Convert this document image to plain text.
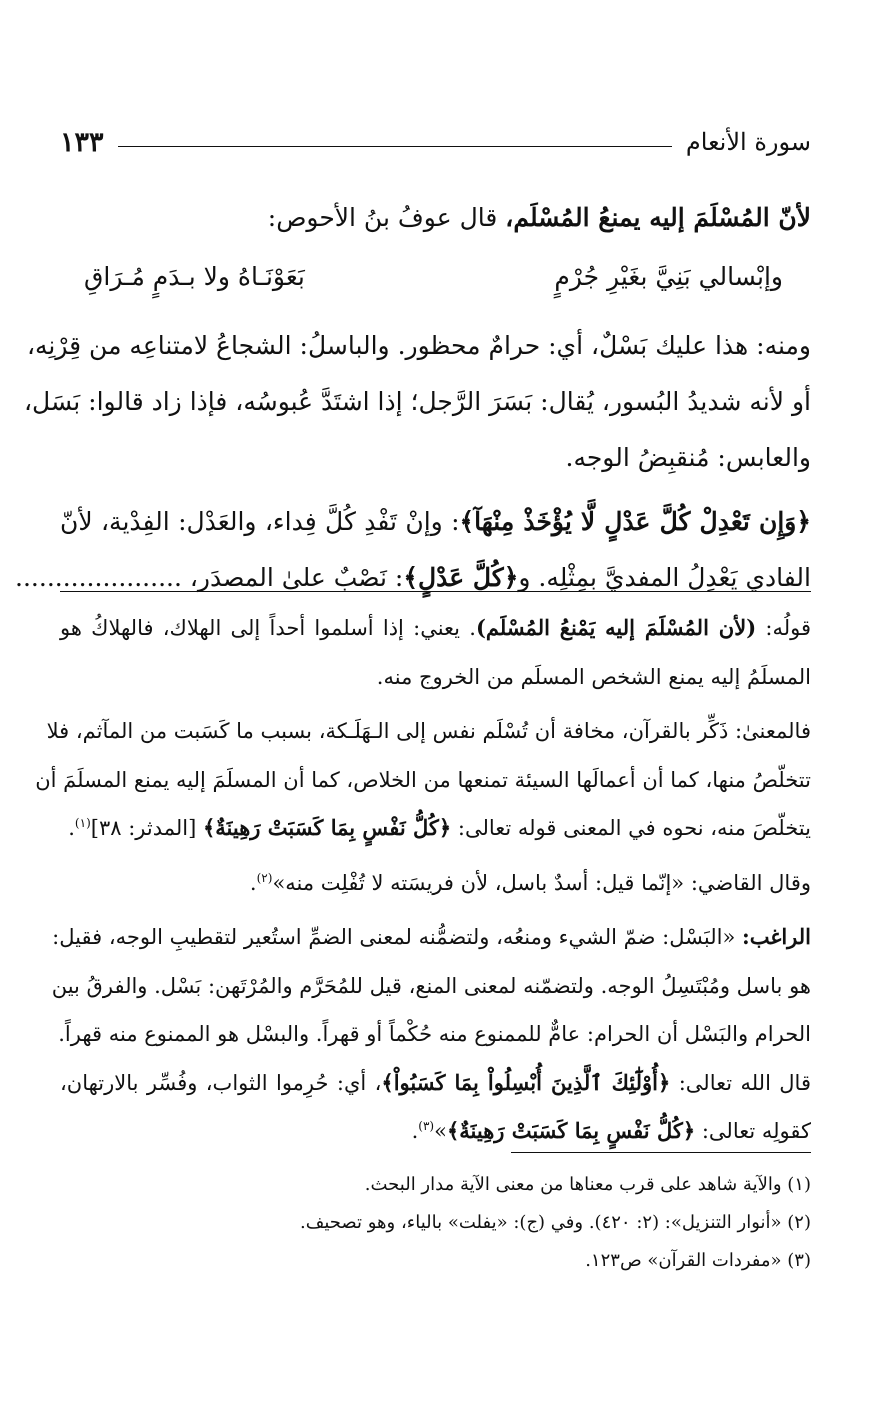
سورة الأنعام
١٣٣
لأنّ المُسْلَمَ إليه يمنعُ المُسْلَم، قال عوفُ بنُ الأحوص:
وإبْسالي بَنِيَّ بغَيْرِ جُرْمٍ
بَعَوْنَـاهُ ولا بـدَمٍ مُـرَاقِ
ومنه: هذا عليك بَسْلٌ، أي: حرامٌ محظور. والباسلُ: الشجاعُ لامتناعِه من قِرْنِه،
أو لأنه شديدُ البُسور، يُقال: بَسَرَ الرَّجل؛ إذا اشتَدَّ عُبوسُه، فإذا زاد قالوا: بَسَل،
والعابس: مُنقبِضُ الوجه.
﴿وَإِن تَعْدِلْ كُلَّ عَدْلٍ لَّا يُؤْخَذْ مِنْهَآ﴾: وإنْ تَفْدِ كُلَّ فِداء، والعَدْل: الفِدْية، لأنّ
الفادي يَعْدِلُ المفديَّ بمِثْلِه. و﴿كُلَّ عَدْلٍ﴾: نَصْبٌ علىٰ المصدَر، .....................
قولُه: (لأن المُسْلَمَ إليه يَمْنعُ المُسْلَم). يعني: إذا أسلموا أحداً إلى الهلاك، فالهلاكُ هو
المسلَمُ إليه يمنع الشخص المسلَم من الخروج منه.
فالمعنىٰ: ذَكِّر بالقرآن، مخافة أن تُسْلَم نفس إلى الـهَلَـكة، بسبب ما كَسَبت من المآثم، فلا
تتخلّصُ منها، كما أن أعمالَها السيئة تمنعها من الخلاص، كما أن المسلَمَ إليه يمنع المسلَمَ أن
يتخلّصَ منه، نحوه في المعنى قوله تعالى: ﴿كُلُّ نَفْسٍ بِمَا كَسَبَتْ رَهِينَةٌ﴾ [المدثر: ٣٨]$^{(١)}$.
وقال القاضي: «إنّما قيل: أسدٌ باسل، لأن فريسَته لا تُفْلِت منه»$^{(٢)}$.
الراغب: «البَسْل: ضمّ الشيء ومنعُه، ولتضمُّنه لمعنى الضمِّ استُعير لتقطيبِ الوجه، فقيل:
هو باسل ومُبْتَسِلُ الوجه. ولتضمّنه لمعنى المنع، قيل للمُحَرَّم والمُرْتَهن: بَسْل. والفرقُ بين
الحرام والبَسْل أن الحرام: عامٌّ للممنوع منه حُكْماً أو قهراً. والبسْل هو الممنوع منه قهراً.
قال الله تعالى: ﴿أُوْلَٰٓئِكَ ٱلَّذِينَ أُبْسِلُواْ بِمَا كَسَبُواْ﴾، أي: حُرِموا الثواب، وفُسِّر بالارتهان،
كقولِه تعالى: ﴿كُلُّ نَفْسٍ بِمَا كَسَبَتْ رَهِينَةٌ﴾»$^{(٣)}$.
(١) والآية شاهد على قرب معناها من معنى الآية مدار البحث.
(٢) «أنوار التنزيل»: (٢: ٤٢٠). وفي (ج): «يفلت» بالياء، وهو تصحيف.
(٣) «مفردات القرآن» ص١٢٣.
